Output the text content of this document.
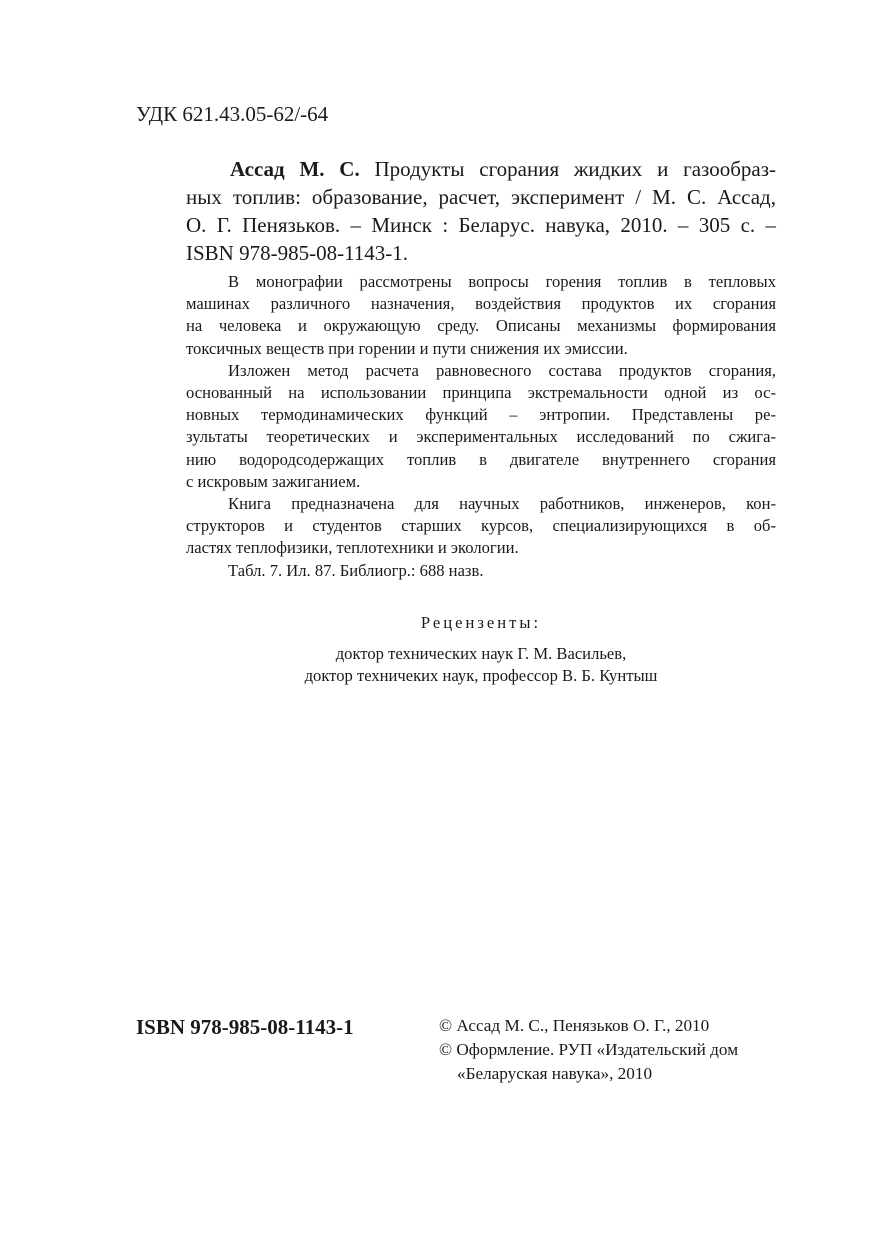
УДК 621.43.05-62/-64

Ассад М. С. Продукты сгорания жидких и газообраз-
ных топлив: образование, расчет, эксперимент / М. С. Ассад,
О. Г. Пенязьков. – Минск : Беларус. навука, 2010. – 305 с. –
ISBN 978-985-08-1143-1.
В монографии рассмотрены вопросы горения топлив в тепловых
машинах различного назначения, воздействия продуктов их сгорания
на человека и окружающую среду. Описаны механизмы формирования
токсичных веществ при горении и пути снижения их эмиссии.
Изложен метод расчета равновесного состава продуктов сгорания,
основанный на использовании принципа экстремальности одной из ос-
новных термодинамических функций – энтропии. Представлены ре-
зультаты теоретических и экспериментальных исследований по сжига-
нию водородсодержащих топлив в двигателе внутреннего сгорания
с искровым зажиганием.
Книга предназначена для научных работников, инженеров, кон-
структоров и студентов старших курсов, специализирующихся в об-
ластях теплофизики, теплотехники и экологии.
Табл. 7. Ил. 87. Библиогр.: 688 назв.

Рецензенты:

доктор технических наук Г. М. Васильев,

доктор техничеких наук, профессор В. Б. Кунтыш

ISBN 978-985-08-1143-1	© Ассад М. С., Пенязьков О. Г., 2010

© Оформление. РУП «Издательский дом

«Беларуская навука», 2010
